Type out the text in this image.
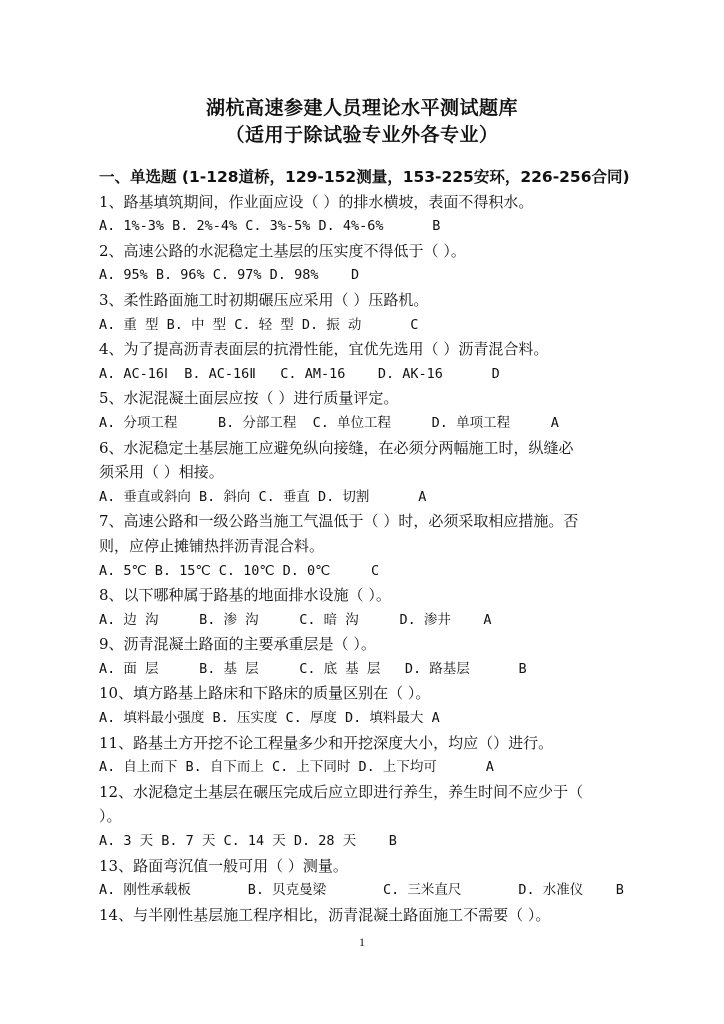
湖杭高速参建人员理论水平测试题库
（适用于除试验专业外各专业）
一、单选题 (1-128道桥，129-152测量，153-225安环，226-256合同)
1、路基填筑期间，作业面应设（ ）的排水横坡，表面不得积水。
A. 1%-3% B. 2%-4% C. 3%-5% D. 4%-6%	B
2、高速公路的水泥稳定土基层的压实度不得低于（ ）。
A. 95% B. 96% C. 97% D. 98% D
3、柔性路面施工时初期碾压应采用（ ）压路机。
A. 重 型 B. 中 型 C. 轻 型 D. 振 动	C
4、为了提高沥青表面层的抗滑性能，宜优先选用（ ）沥青混合料。
A. AC-16Ⅰ  B. AC-16Ⅱ   C. AM-16    D. AK-16	D
5、水泥混凝土面层应按（ ）进行质量评定。
A. 分项工程     B. 分部工程  C. 单位工程     D. 单项工程	A
6、水泥稳定土基层施工应避免纵向接缝，在必须分两幅施工时，纵缝必
须采用（ ）相接。
A. 垂直或斜向 B. 斜向 C. 垂直 D. 切割	A
7、高速公路和一级公路当施工气温低于（ ）时，必须采取相应措施。否
则，应停止摊铺热拌沥青混合料。
A. 5℃ B. 15℃ C. 10℃ D. 0℃	C
8、以下哪种属于路基的地面排水设施（ ）。
A. 边 沟     B. 渗 沟     C. 暗 沟     D. 渗井 A
9、沥青混凝土路面的主要承重层是（ ）。
A. 面 层     B. 基 层     C. 底 基 层   D. 路基层	B
10、填方路基上路床和下路床的质量区别在（ ）。
A. 填料最小强度 B. 压实度 C. 厚度 D. 填料最大 A
11、路基土方开挖不论工程量多少和开挖深度大小，均应（）进行。
A. 自上而下 B. 自下而上 C. 上下同时 D. 上下均可	A
12、水泥稳定土基层在碾压完成后应立即进行养生，养生时间不应少于（
）。
A. 3 天 B. 7 天 C. 14 天 D. 28 天 B
13、路面弯沉值一般可用（ ）测量。
A. 刚性承载板       B. 贝克曼梁       C. 三米直尺       D. 水准仪 B
14、与半刚性基层施工程序相比，沥青混凝土路面施工不需要（ ）。
1
